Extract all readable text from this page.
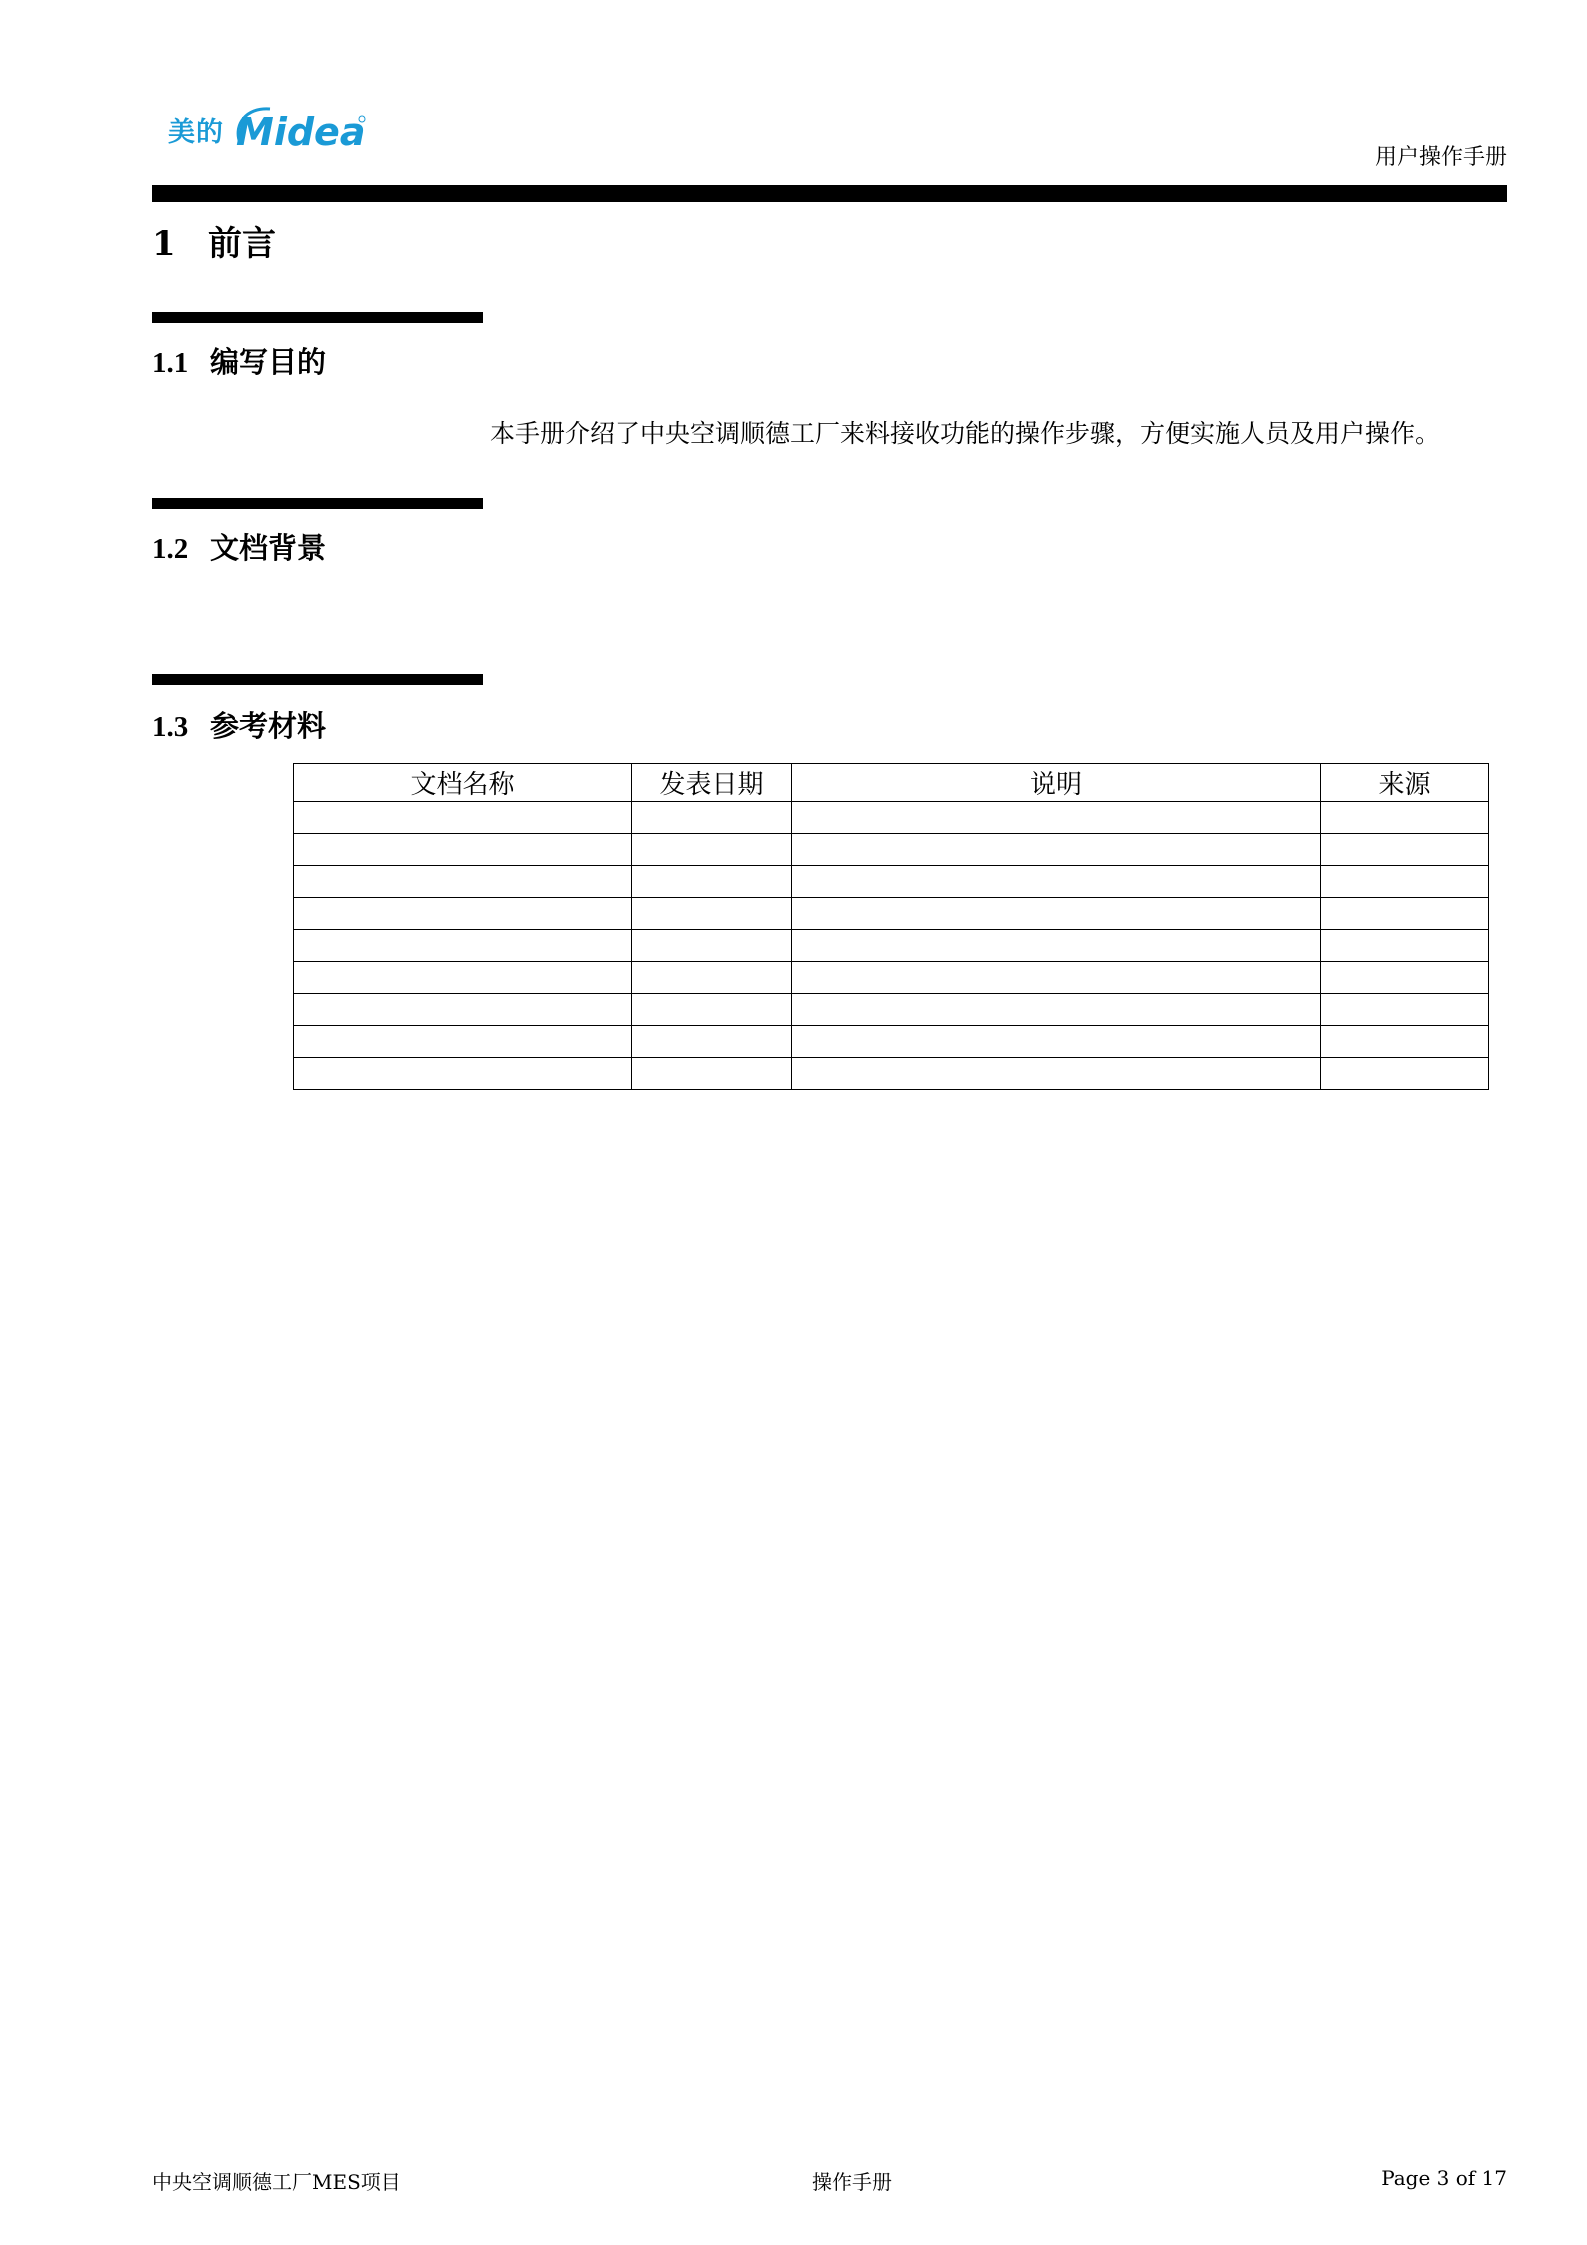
美的 Midea
用户操作手册
1 前言
1.1 编写目的
本手册介绍了中央空调顺德工厂来料接收功能的操作步骤，方便实施人员及用户操作。
1.2 文档背景
1.3 参考材料
文档名称	发表日期	说明	来源

中央空调顺德工厂MES项目	操作手册	Page 3 of 17
